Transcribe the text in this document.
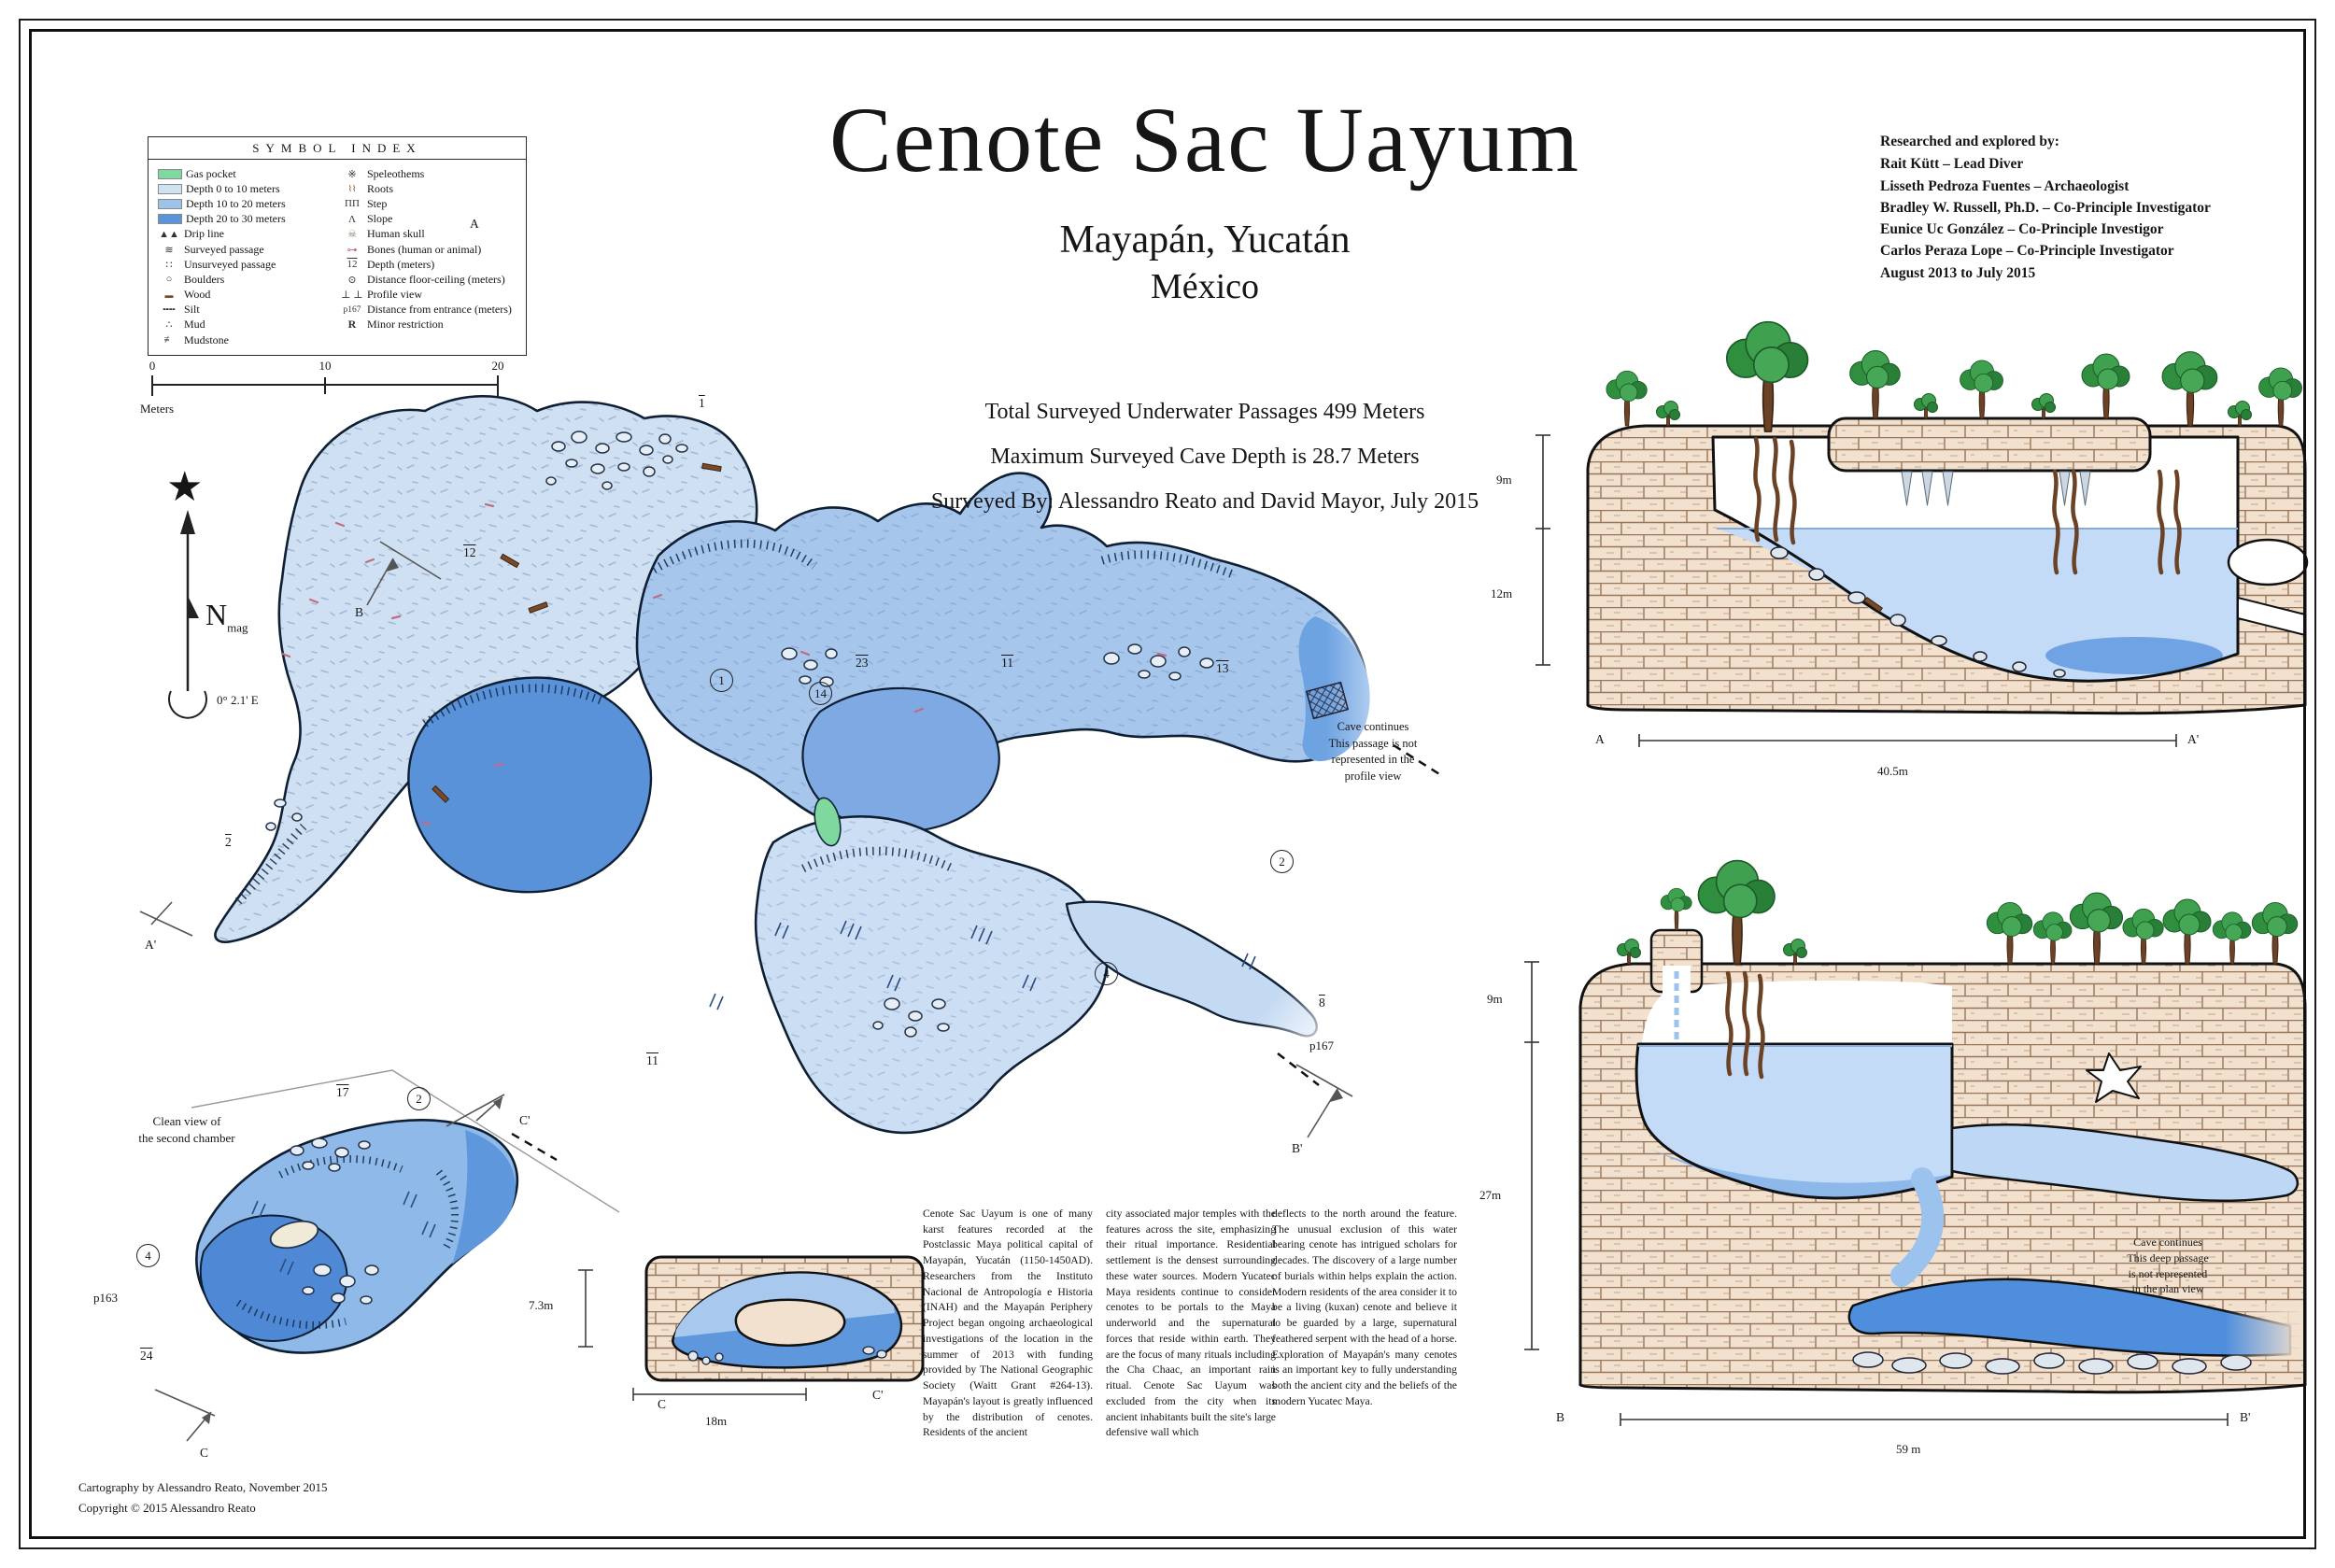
Cenote Sac Uayum
Mayapán, Yucatán
México
Researched and explored by:
Rait Kütt – Lead Diver
Lisseth Pedroza Fuentes – Archaeologist
Bradley W. Russell, Ph.D. – Co-Principle Investigator
Eunice Uc González – Co-Principle Investigor
Carlos Peraza Lope – Co-Principle Investigator
August 2013 to July 2015
Total Surveyed Underwater Passages 499 Meters
Maximum Surveyed Cave Depth is 28.7 Meters
Surveyed By: Alessandro Reato and David Mayor, July 2015
SYMBOL INDEX
Gas pocket
Depth 0 to 10 meters
Depth 10 to 20 meters
Depth 20 to 30 meters
▲▲ Drip line
≋ Surveyed passage
∷	Unsurveyed passage
○	Boulders
▬ Wood
╍╍ Silt
∴	Mud
≢ Mudstone
※ Speleothems
⌇⌇ Roots
ПП Step
Λ	Slope
☠ Human skull
⊶ Bones (human or animal)
12 Depth (meters)
⊙ Distance floor-ceiling (meters)
⊥ ⊥ Profile view
p167 Distance from entrance (meters)
R Minor restriction
0	10	20
Meters
★
$N_{mag}$
0° 2.1' E
1
A
12
B
2
A'
1
14
23	11	13
Cave continues
This passage is not
represented in the
profile view
2
4
8
p167
B'
11
Clean view of
the second chamber
17	2
C'
4
p163
24
C
7.3m
C
C'
18m
9m
12m
A	A'
40.5m
9m
27m
Cave continues
This deep passage
is not represented
in the plan view
B	B'
59 m
Cenote Sac Uayum is one of many karst features recorded at the Postclassic Maya political capital of Mayapán, Yucatán (1150-1450AD). Researchers from the Instituto Nacional de Antropología e Historia (INAH) and the Mayapán Periphery Project began ongoing archaeological investigations of the location in the summer of 2013 with funding provided by The National Geographic Society (Waitt Grant #264-13). Mayapán's layout is greatly influenced by the distribution of cenotes. Residents of the ancient
city associated major temples with the features across the site, emphasizing their ritual importance. Residential settlement is the densest surrounding these water sources. Modern Yucatec Maya residents continue to consider cenotes to be portals to the Maya underworld and the supernatural forces that reside within earth. They are the focus of many rituals including the Cha Chaac, an important rain ritual. Cenote Sac Uayum was excluded from the city when its ancient inhabitants built the site's large defensive wall which
deflects to the north around the feature. The unusual exclusion of this water bearing cenote has intrigued scholars for decades. The discovery of a large number of burials within helps explain the action. Modern residents of the area consider it to be a living (kuxan) cenote and believe it to be guarded by a large, supernatural feathered serpent with the head of a horse. Exploration of Mayapán's many cenotes is an important key to fully understanding both the ancient city and the beliefs of the modern Yucatec Maya.
Cartography by Alessandro Reato, November 2015
Copyright © 2015 Alessandro Reato
